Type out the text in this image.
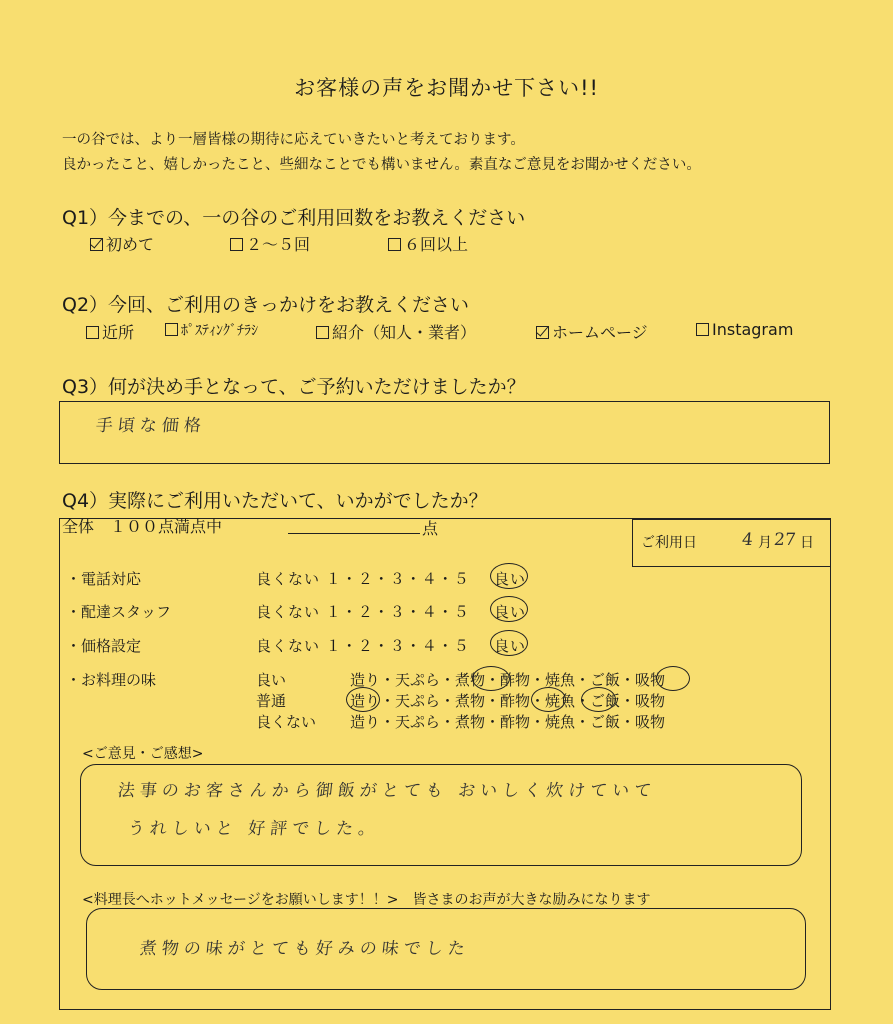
お客様の声をお聞かせ下さい!!
一の谷では、より一層皆様の期待に応えていきたいと考えております。
良かったこと、嬉しかったこと、些細なことでも構いません。素直なご意見をお聞かせください。
Q1）今までの、一の谷のご利用回数をお教えください
初めて	２～５回	６回以上
Q2）今回、ご利用のきっかけをお教えください
近所	ﾎﾟｽﾃｨﾝｸﾞﾁﾗｼ	紹介（知人・業者）	ホームページ	Instagram
Q3）何が決め手となって、ご予約いただけましたか？
手頃な価格
Q4）実際にご利用いただいて、いかがでしたか？
全体　１００点満点中	点
ご利用日	4 月 27 日
・電話対応	良くない １・２・３・４・５ 良い
・配達スタッフ	良くない １・２・３・４・５ 良い
・価格設定	良くない １・２・３・４・５ 良い
・お料理の味	良い	造り・天ぷら・煮物・酢物・焼魚・ご飯・吸物
普通	造り・天ぷら・煮物・酢物・焼魚・ご飯・吸物
良くない 造り・天ぷら・煮物・酢物・焼魚・ご飯・吸物
<ご意見・ご感想>
法事のお客さんから御飯がとても おいしく炊けていて
うれしいと 好評でした。
<料理長へホットメッセージをお願いします！！>　皆さまのお声が大きな励みになります
煮物の味がとても好みの味でした
